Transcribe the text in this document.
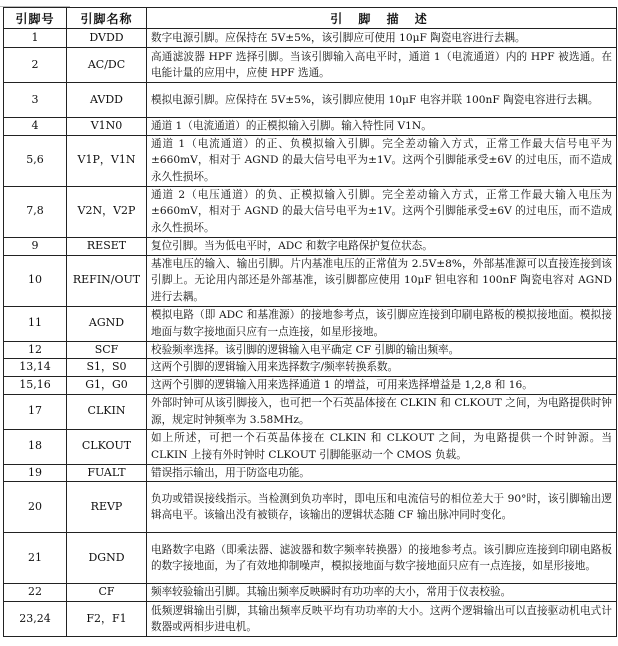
引脚号	引脚名称	引 脚 描 述
1	DVDD	数字电源引脚。应保持在 5V±5%，该引脚应可使用 10μF 陶瓷电容进行去耦。
2	AC/DC	高通滤波器 HPF 选择引脚。当该引脚输入高电平时，通道 1（电流通道）内的 HPF 被选通。在电能计量的应用中，应使 HPF 选通。
3	AVDD	模拟电源引脚。应保持在 5V±5%，该引脚应使用 10μF 电容并联 100nF 陶瓷电容进行去耦。
4	V1N0	通道 1（电流通道）的正模拟输入引脚。输入特性同 V1N。
5,6	V1P，V1N	通道 1（电流通道）的正、负模拟输入引脚。完全差动输入方式，正常工作最大信号电平为±660mV，相对于 AGND 的最大信号电平为±1V。这两个引脚能承受±6V 的过电压，而不造成永久性损坏。
7,8	V2N，V2P	通道 2（电压通道）的负、正模拟输入引脚。完全差动输入方式，正常工作最大输入电压为±660mV，相对于 AGND 的最大信号电平为±1V。这两个引脚能承受±6V 的过电压，而不造成永久性损坏。
9	RESET	复位引脚。当为低电平时，ADC 和数字电路保护复位状态。
10	REFIN/OUT	基准电压的输入、输出引脚。片内基准电压的正常值为 2.5V±8%，外部基准源可以直接连接到该引脚上。无论用内部还是外部基准，该引脚都应使用 10μF 钽电容和 100nF 陶瓷电容对 AGND 进行去耦。
11	AGND	模拟电路（即 ADC 和基准源）的接地参考点，该引脚应连接到印刷电路板的模拟接地面。模拟接地面与数字接地面只应有一点连接，如星形接地。
12	SCF	校验频率选择。该引脚的逻辑输入电平确定 CF 引脚的输出频率。
13,14	S1，S0	这两个引脚的逻辑输入用来选择数字/频率转换系数。
15,16	G1，G0	这两个引脚的逻辑输入用来选择通道 1 的增益，可用来选择增益是 1,2,8 和 16。
17	CLKIN	外部时钟可从该引脚接入，也可把一个石英晶体接在 CLKIN 和 CLKOUT 之间，为电路提供时钟源，规定时钟频率为 3.58MHz。
18	CLKOUT	如上所述，可把一个石英晶体接在 CLKIN 和 CLKOUT 之间，为电路提供一个时钟源。当 CLKIN 上接有外时钟时 CLKOUT 引脚能驱动一个 CMOS 负载。
19	FUALT	错误指示输出，用于防盗电功能。
20	REVP	负功或错误接线指示。当检测到负功率时，即电压和电流信号的相位差大于 90°时，该引脚输出逻辑高电平。该输出没有被锁存，该输出的逻辑状态随 CF 输出脉冲同时变化。
21	DGND	电路数字电路（即乘法器、滤波器和数字频率转换器）的接地参考点。该引脚应连接到印刷电路板的数字接地面，为了有效地抑制噪声，模拟接地面与数字接地面只应有一点连接，如星形接地。
22	CF	频率较验输出引脚。其输出频率反映瞬时有功功率的大小，常用于仪表校验。
23,24	F2，F1	低频逻辑输出引脚，其输出频率反映平均有功功率的大小。这两个逻辑输出可以直接驱动机电式计数器或两相步进电机。
